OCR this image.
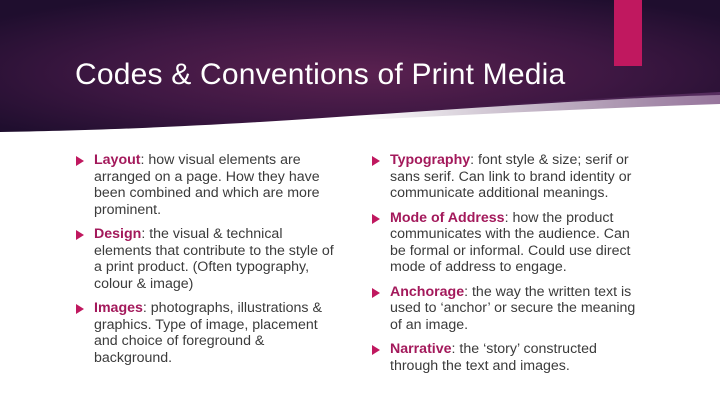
Codes & Conventions of Print Media
Layout: how visual elements are arranged on a page. How they have been combined and which are more prominent.
Design: the visual & technical elements that contribute to the style of a print product. (Often typography, colour & image)
Images: photographs, illustrations & graphics. Type of image, placement and choice of foreground & background.
Typography: font style & size; serif or sans serif. Can link to brand identity or communicate additional meanings.
Mode of Address: how the product communicates with the audience. Can be formal or informal. Could use direct mode of address to engage.
Anchorage: the way the written text is used to ‘anchor’ or secure the meaning of an image.
Narrative: the ‘story’ constructed through the text and images.
